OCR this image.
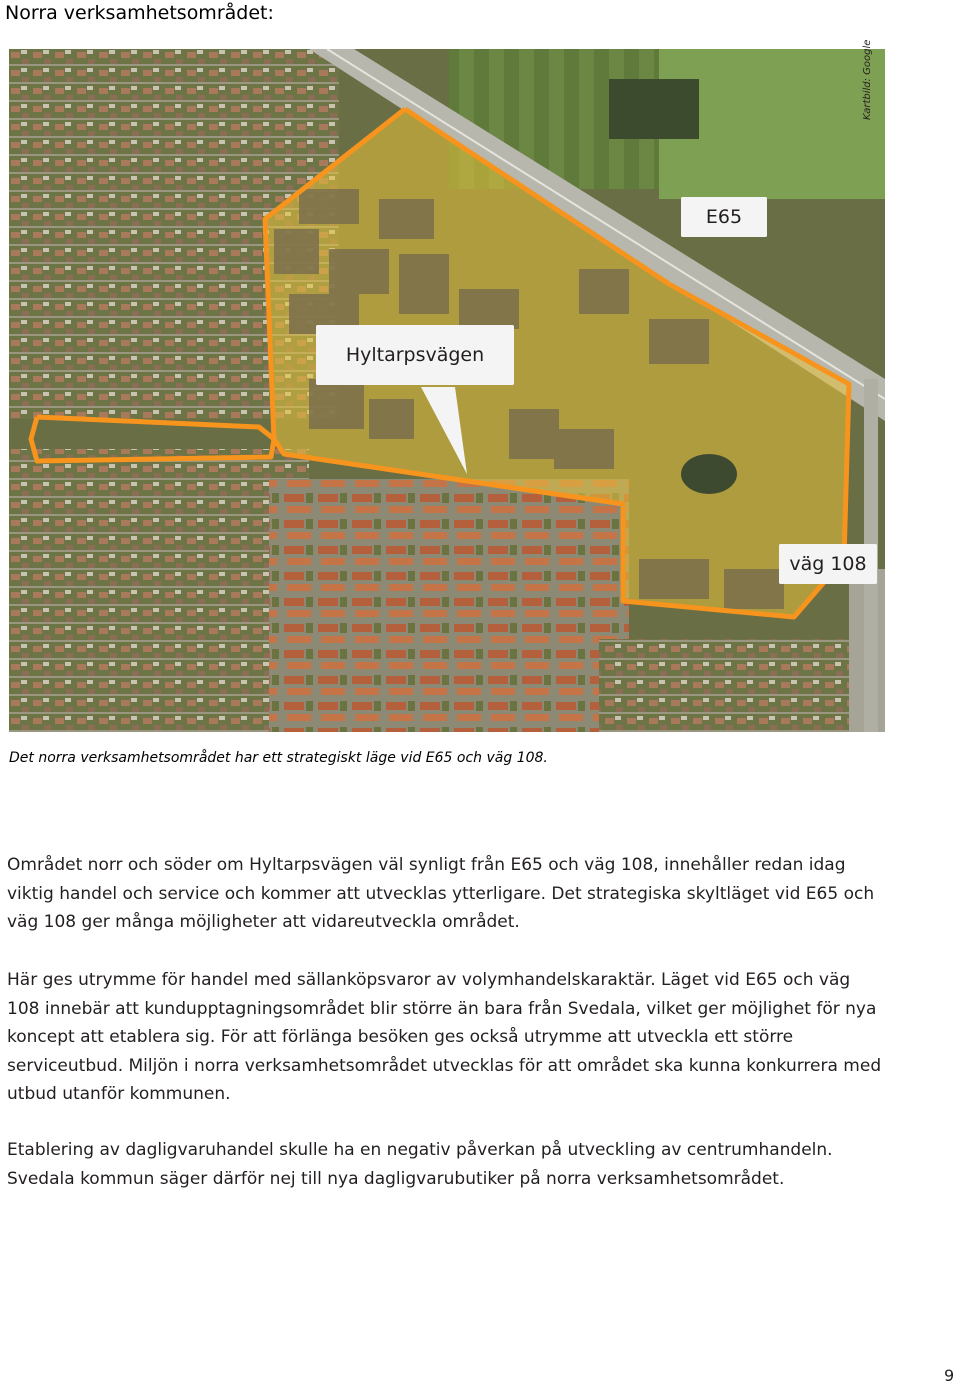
Norra verksamhetsområdet:
E65
Hyltarpsvägen
väg 108
Kartbild: Google
Det norra verksamhetsområdet har ett strategiskt läge vid E65 och väg 108.

Området norr och söder om Hyltarpsvägen väl synligt från E65 och väg 108, innehåller redan idag viktig handel och service och kommer att utvecklas ytterligare. Det strategiska skyltläget vid E65 och väg 108 ger många möjligheter att vidareutveckla området.

Här ges utrymme för handel med sällanköpsvaror av volymhandelskaraktär. Läget vid E65 och väg 108 innebär att kundupptagningsområdet blir större än bara från Svedala, vilket ger möjlighet för nya koncept att etablera sig. För att förlänga besöken ges också utrymme att utveckla ett större serviceutbud. Miljön i norra verksamhetsområdet utvecklas för att området ska kunna konkurrera med utbud utanför kommunen.

Etablering av dagligvaruhandel skulle ha en negativ påverkan på utveckling av centrumhandeln. Svedala kommun säger därför nej till nya dagligvarubutiker på norra verksamhetsområdet.

9
